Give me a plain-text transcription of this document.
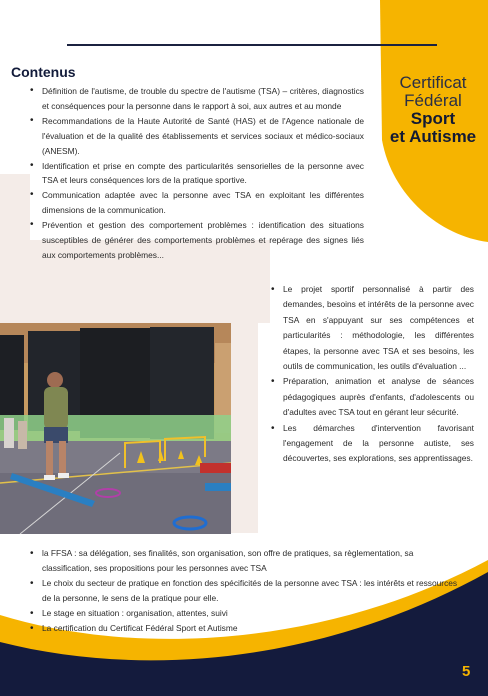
Certificat
Fédéral
Sport
et Autisme
Contenus
• Définition de l'autisme, de trouble du spectre de l'autisme (TSA) – critères, diagnostics et conséquences pour la personne dans le rapport à soi, aux autres et au monde
• Recommandations de la Haute Autorité de Santé (HAS) et de l'Agence nationale de l'évaluation et de la qualité des établissements et services sociaux et médico-sociaux (ANESM).
• Identification et prise en compte des particularités sensorielles de la personne avec TSA et leurs conséquences lors de la pratique sportive.
• Communication adaptée avec la personne avec TSA en exploitant les différentes dimensions de la communication.
• Prévention et gestion des comportement problèmes : identification des situations susceptibles de générer des comportements problèmes et repérage des signes liés aux comportements problèmes...
• Le projet sportif personnalisé à partir des demandes, besoins et intérêts de la personne avec TSA en s'appuyant sur ses compétences et particularités : méthodologie, les différentes étapes, la personne avec TSA et ses besoins, les outils de communication, les outils d'évaluation ...
• Préparation, animation et analyse de séances pédagogiques auprès d'enfants, d'adolescents ou d'adultes avec TSA tout en gérant leur sécurité.
• Les démarches d'intervention favorisant l'engagement de la personne autiste, ses découvertes, ses explorations, ses apprentissages.
• la FFSA : sa délégation, ses finalités, son organisation, son offre de pratiques, sa règlementation, sa classification, ses propositions pour les personnes avec TSA
• Le choix du secteur de pratique en fonction des spécificités de la personne avec TSA : les intérêts et ressources de la personne, le sens de la pratique pour elle.
• Le stage en situation : organisation, attentes, suivi
• La certification du Certificat Fédéral Sport et Autisme
5
